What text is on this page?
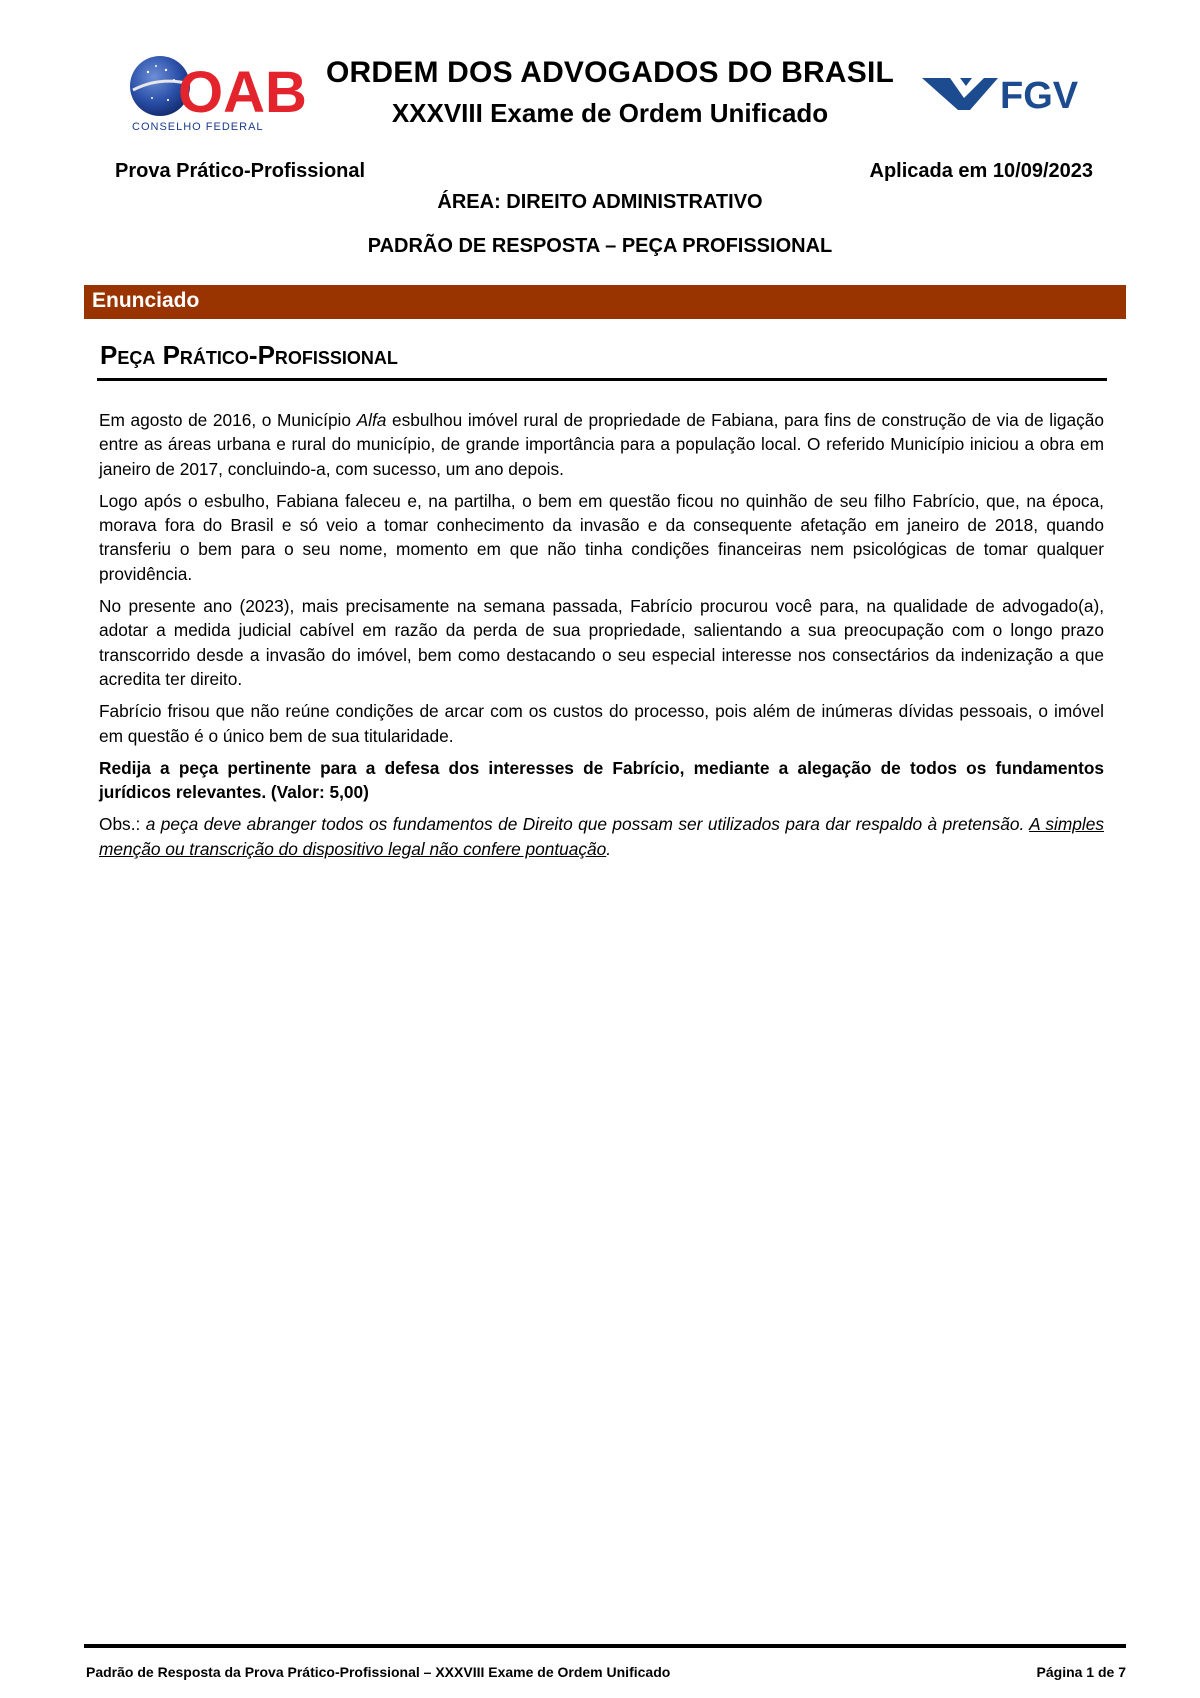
OAB
CONSELHO FEDERAL
FGV
ORDEM DOS ADVOGADOS DO BRASIL
XXXVIII Exame de Ordem Unificado
Prova Prático-Profissional	Aplicada em 10/09/2023
ÁREA: DIREITO ADMINISTRATIVO
PADRÃO DE RESPOSTA – PEÇA PROFISSIONAL
Enunciado
Peça Prático-Profissional

Em agosto de 2016, o Município Alfa esbulhou imóvel rural de propriedade de Fabiana, para fins de construção de via de ligação entre as áreas urbana e rural do município, de grande importância para a população local. O referido Município iniciou a obra em janeiro de 2017, concluindo-a, com sucesso, um ano depois.

Logo após o esbulho, Fabiana faleceu e, na partilha, o bem em questão ficou no quinhão de seu filho Fabrício, que, na época, morava fora do Brasil e só veio a tomar conhecimento da invasão e da consequente afetação em janeiro de 2018, quando transferiu o bem para o seu nome, momento em que não tinha condições financeiras nem psicológicas de tomar qualquer providência.

No presente ano (2023), mais precisamente na semana passada, Fabrício procurou você para, na qualidade de advogado(a), adotar a medida judicial cabível em razão da perda de sua propriedade, salientando a sua preocupação com o longo prazo transcorrido desde a invasão do imóvel, bem como destacando o seu especial interesse nos consectários da indenização a que acredita ter direito.

Fabrício frisou que não reúne condições de arcar com os custos do processo, pois além de inúmeras dívidas pessoais, o imóvel em questão é o único bem de sua titularidade.

Redija a peça pertinente para a defesa dos interesses de Fabrício, mediante a alegação de todos os fundamentos jurídicos relevantes. (Valor: 5,00)

Obs.: a peça deve abranger todos os fundamentos de Direito que possam ser utilizados para dar respaldo à pretensão. A simples menção ou transcrição do dispositivo legal não confere pontuação.

Padrão de Resposta da Prova Prático-Profissional – XXXVIII Exame de Ordem Unificado	Página 1 de 7
